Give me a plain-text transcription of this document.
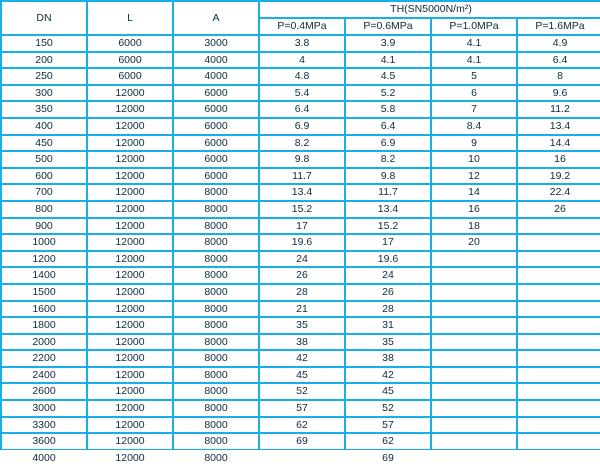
DN	L	A	TH(SN5000N/m²)			
			P=0.4MPa	P=0.6MPa	P=1.0MPa	P=1.6MPa
150	6000	3000	3.8	3.9	4.1	4.9
200	6000	4000	4	4.1	4.1	6.4
250	6000	4000	4.8	4.5	5	8
300	12000	6000	5.4	5.2	6	9.6
350	12000	6000	6.4	5.8	7	11.2
400	12000	6000	6.9	6.4	8.4	13.4
450	12000	6000	8.2	6.9	9	14.4
500	12000	6000	9.8	8.2	10	16
600	12000	6000	11.7	9.8	12	19.2
700	12000	8000	13.4	11.7	14	22.4
800	12000	8000	15.2	13.4	16	26
900	12000	8000	17	15.2	18	
1000	12000	8000	19.6	17	20	
1200	12000	8000	24	19.6		
1400	12000	8000	26	24		
1500	12000	8000	28	26		
1600	12000	8000	21	28		
1800	12000	8000	35	31		
2000	12000	8000	38	35		
2200	12000	8000	42	38		
2400	12000	8000	45	42		
2600	12000	8000	52	45		
3000	12000	8000	57	52		
3300	12000	8000	62	57		
3600	12000	8000	69	62		
4000	12000	8000		69		
